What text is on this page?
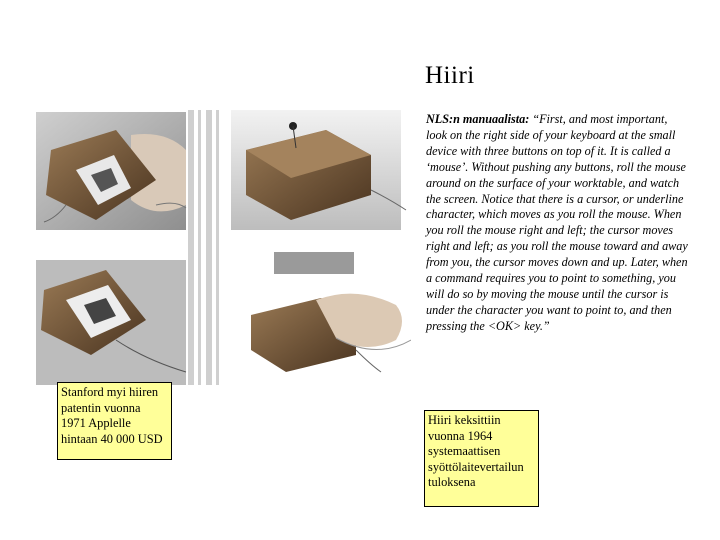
Hiiri
NLS:n manuaalista: “First, and most important, look on the right side of your keyboard at the small device with three buttons on top of it. It is called a ‘mouse’. Without pushing any buttons, roll the mouse around on the surface of your worktable, and watch the screen. Notice that there is a cursor, or underline character, which moves as you roll the mouse. When you roll the mouse right and left; the cursor moves right and left; as you roll the mouse toward and away from you, the cursor moves down and up. Later, when a command requires you to point to something, you will do so by moving the mouse until the cursor is under the character you want to point to, and then pressing the <OK> key.”
Stanford myi hiiren patentin vuonna 1971 Applelle hintaan 40 000 USD
Hiiri keksittiin vuonna 1964 systemaattisen syöttölaitevertailun tuloksena
